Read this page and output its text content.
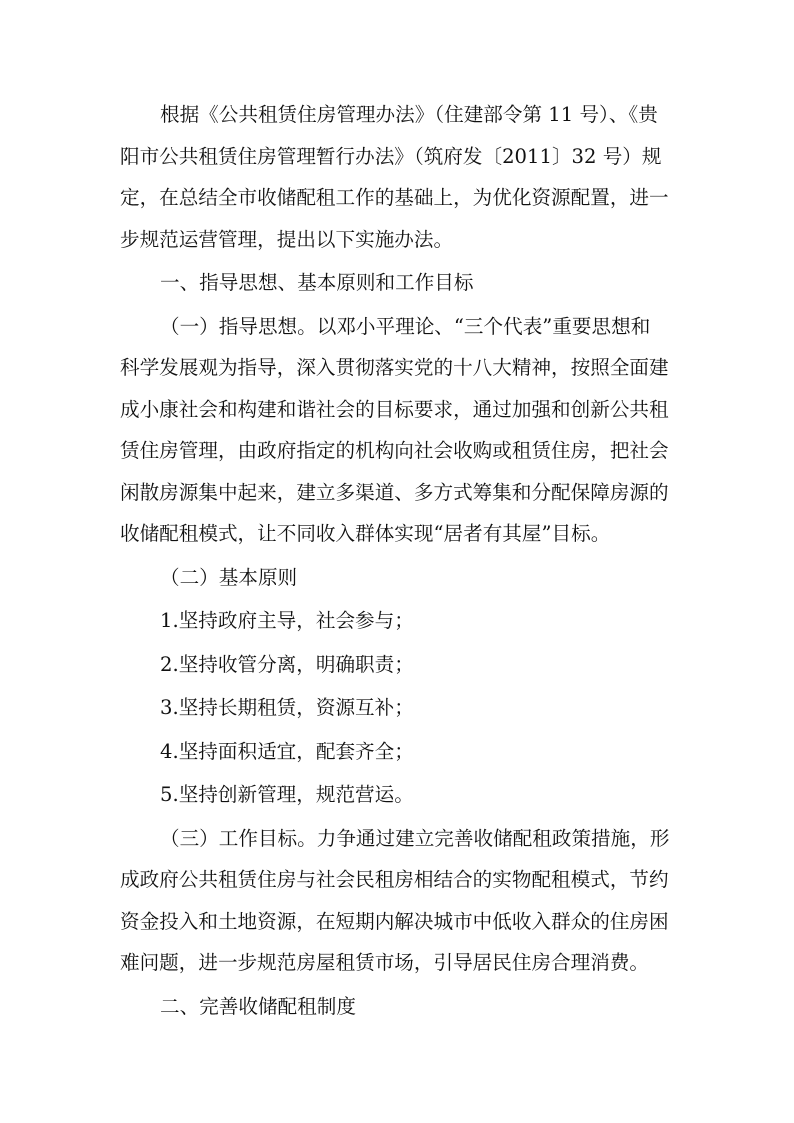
根据《公共租赁住房管理办法》（住建部令第 11 号）、《贵
阳市公共租赁住房管理暂行办法》（筑府发〔2011〕32 号）规
定，在总结全市收储配租工作的基础上，为优化资源配置，进一
步规范运营管理，提出以下实施办法。

一、指导思想、基本原则和工作目标

（一）指导思想。以邓小平理论、“三个代表”重要思想和
科学发展观为指导，深入贯彻落实党的十八大精神，按照全面建
成小康社会和构建和谐社会的目标要求，通过加强和创新公共租
赁住房管理，由政府指定的机构向社会收购或租赁住房，把社会
闲散房源集中起来，建立多渠道、多方式筹集和分配保障房源的
收储配租模式，让不同收入群体实现“居者有其屋”目标。

（二）基本原则

1.坚持政府主导，社会参与；

2.坚持收管分离，明确职责；

3.坚持长期租赁，资源互补；

4.坚持面积适宜，配套齐全；

5.坚持创新管理，规范营运。

（三）工作目标。力争通过建立完善收储配租政策措施，形
成政府公共租赁住房与社会民租房相结合的实物配租模式，节约
资金投入和土地资源，在短期内解决城市中低收入群众的住房困
难问题，进一步规范房屋租赁市场，引导居民住房合理消费。

二、完善收储配租制度
